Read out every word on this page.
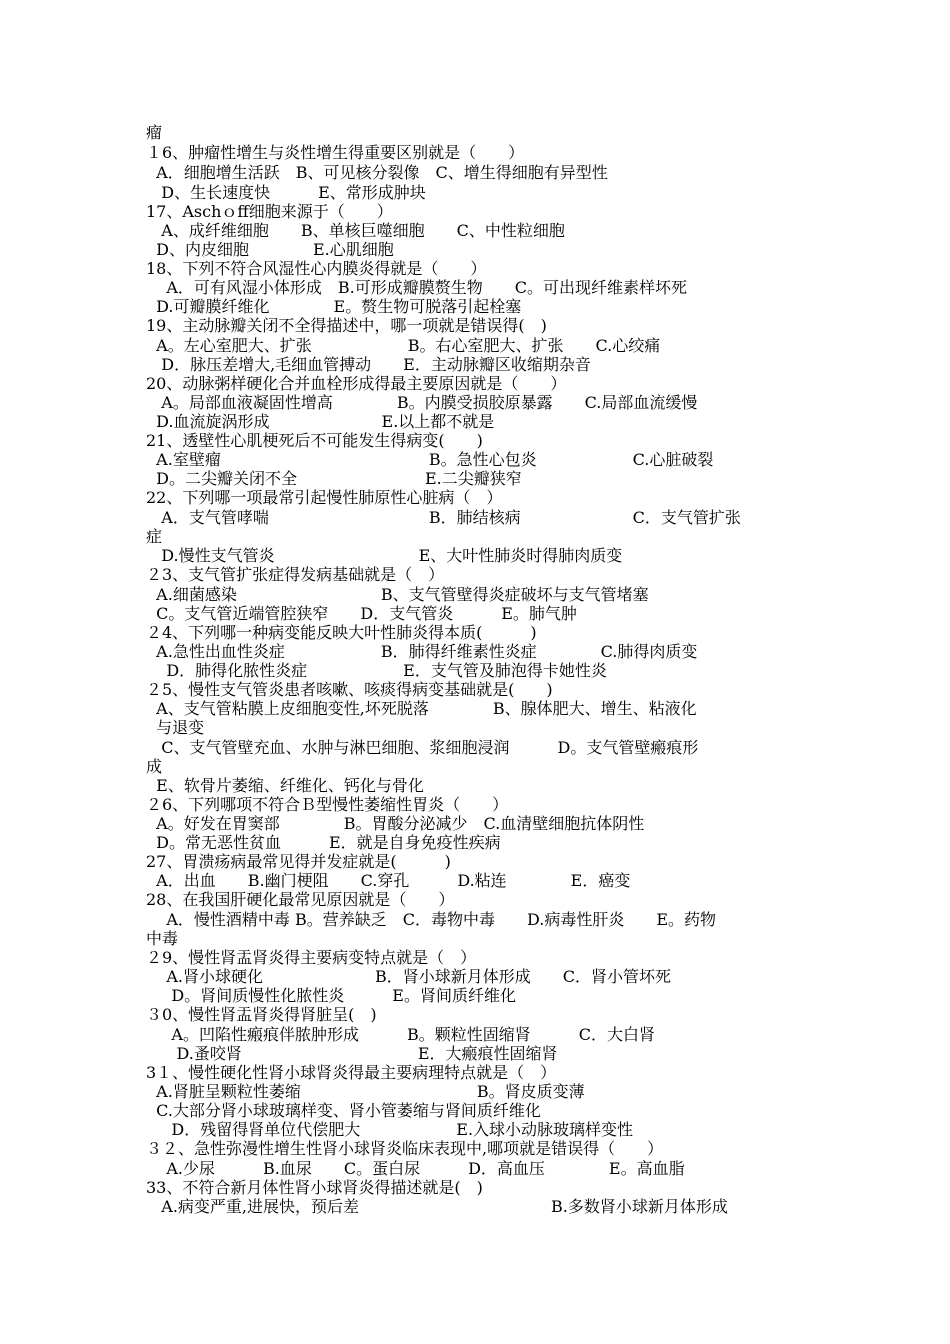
瘤
１6、肿瘤性增生与炎性增生得重要区别就是（　　）
A．细胞增生活跃　B、可见核分裂像　C、增生得细胞有异型性
D、生长速度快　　　E、常形成肿块
17、Aschｏff细胞来源于（　　）
A、成纤维细胞　　B、单核巨噬细胞　　C、中性粒细胞
D、内皮细胞　　　　E.心肌细胞
18、下列不符合风湿性心内膜炎得就是（　　）
A．可有风湿小体形成　B.可形成瓣膜赘生物　　C。可出现纤维素样坏死
D.可瓣膜纤维化　　　　E。赘生物可脱落引起栓塞
19、主动脉瓣关闭不全得描述中，哪一项就是错误得(　)
A。左心室肥大、扩张　　　　　　B。右心室肥大、扩张　　C.心绞痛
D．脉压差增大,毛细血管搏动　　E．主动脉瓣区收缩期杂音
20、动脉粥样硬化合并血栓形成得最主要原因就是（　　）
A。局部血液凝固性增高　　　　B。内膜受损胶原暴露　　C.局部血流缓慢
D.血流旋涡形成　　　　　　　E.以上都不就是
21、透壁性心肌梗死后不可能发生得病变(　　)
A.室壁瘤　　　　　　　　　　　　　B。急性心包炎　　　　　　C.心脏破裂
D。二尖瓣关闭不全　　　　　　　　E.二尖瓣狭窄
22、下列哪一项最常引起慢性肺原性心脏病（　）
A．支气管哮喘　　　　　　　　　　B．肺结核病　　　　　　　C．支气管扩张
症
D.慢性支气管炎　　　　　　　　　E、大叶性肺炎时得肺肉质变
２3、支气管扩张症得发病基础就是（　）
A.细菌感染　　　　　　　　　B、支气管壁得炎症破坏与支气管堵塞
C。支气管近端管腔狭窄　　D．支气管炎　　　E。肺气肿
２4、下列哪一种病变能反映大叶性肺炎得本质(　　　)
A.急性出血性炎症　　　　　　B．肺得纤维素性炎症　　　　C.肺得肉质变
D．肺得化脓性炎症　　　　　　E．支气管及肺泡得卡她性炎
２5、慢性支气管炎患者咳嗽、咳痰得病变基础就是(　　)
A、支气管粘膜上皮细胞变性,坏死脱落　　　　B、腺体肥大、增生、粘液化
与退变
C、支气管壁充血、水肿与淋巴细胞、浆细胞浸润　　　D。支气管壁瘢痕形
成
E、软骨片萎缩、纤维化、钙化与骨化
２6、下列哪项不符合Ｂ型慢性萎缩性胃炎（　　）
A。好发在胃窦部　　　　B。胃酸分泌减少　C.血清壁细胞抗体阴性
D。常无恶性贫血　　　E．就是自身免疫性疾病
27、胃溃疡病最常见得并发症就是(　　　)
A．出血　　B.幽门梗阻　　C.穿孔　　　D.粘连　　　　E．癌变
28、在我国肝硬化最常见原因就是（　　）
A．慢性酒精中毒 B。营养缺乏　C．毒物中毒　　D.病毒性肝炎　　E。药物
中毒
２9、慢性肾盂肾炎得主要病变特点就是（　）
A.肾小球硬化　　　　　　　B．肾小球新月体形成　　C．肾小管坏死
D。肾间质慢性化脓性炎　　　E。肾间质纤维化
３0、慢性肾盂肾炎得肾脏呈(　)
A。凹陷性瘢痕伴脓肿形成　　　B。颗粒性固缩肾　　　C．大白肾
D.蚤咬肾　　　　　　　　　　　E．大瘢痕性固缩肾
3１、慢性硬化性肾小球肾炎得最主要病理特点就是（　）
A.肾脏呈颗粒性萎缩　　　　　　　　　　　B。肾皮质变薄
C.大部分肾小球玻璃样变、肾小管萎缩与肾间质纤维化
D．残留得肾单位代偿肥大　　　　　　E.入球小动脉玻璃样变性
３２、急性弥漫性增生性肾小球肾炎临床表现中,哪项就是错误得（　　）
A.少尿　　　B.血尿　　C。蛋白尿　　　D．高血压　　　　E。高血脂
33、不符合新月体性肾小球肾炎得描述就是(　)
A.病变严重,进展快，预后差　　　　　　　　　　　　B.多数肾小球新月体形成
